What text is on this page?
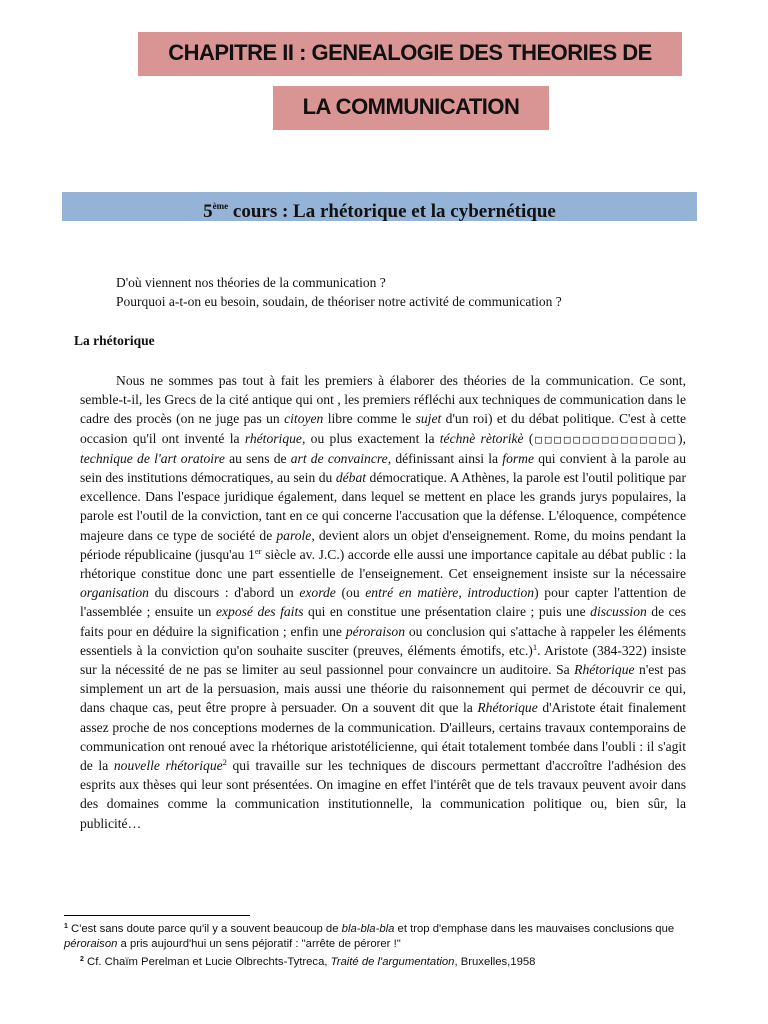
CHAPITRE II : GENEALOGIE DES THEORIES DE
LA COMMUNICATION
5ème cours : La rhétorique et la cybernétique
D'où viennent nos théories de la communication ?
Pourquoi a-t-on eu besoin, soudain, de théoriser notre activité de communication ?
La rhétorique

Nous ne sommes pas tout à fait les premiers à élaborer des théories de la communication. Ce sont, semble-t-il, les Grecs de la cité antique qui ont , les premiers réfléchi aux techniques de communication dans le cadre des procès (on ne juge pas un citoyen libre comme le sujet d'un roi) et du débat politique. C'est à cette occasion qu'il ont inventé la rhétorique, ou plus exactement la téchnè rètorikè (□□□□□□□□□□□□□□□), technique de l'art oratoire au sens de art de convaincre, définissant ainsi la forme qui convient à la parole au sein des institutions démocratiques, au sein du débat démocratique. A Athènes, la parole est l'outil politique par excellence. Dans l'espace juridique également, dans lequel se mettent en place les grands jurys populaires, la parole est l'outil de la conviction, tant en ce qui concerne l'accusation que la défense. L'éloquence, compétence majeure dans ce type de société de parole, devient alors un objet d'enseignement. Rome, du moins pendant la période républicaine (jusqu'au 1er siècle av. J.C.) accorde elle aussi une importance capitale au débat public : la rhétorique constitue donc une part essentielle de l'enseignement. Cet enseignement insiste sur la nécessaire organisation du discours : d'abord un exorde (ou entré en matière, introduction) pour capter l'attention de l'assemblée ; ensuite un exposé des faits qui en constitue une présentation claire ; puis une discussion de ces faits pour en déduire la signification ; enfin une péroraison ou conclusion qui s'attache à rappeler les éléments essentiels à la conviction qu'on souhaite susciter (preuves, éléments émotifs, etc.)$^1$. Aristote (384-322) insiste sur la nécessité de ne pas se limiter au seul passionnel pour convaincre un auditoire. Sa Rhétorique n'est pas simplement un art de la persuasion, mais aussi une théorie du raisonnement qui permet de découvrir ce qui, dans chaque cas, peut être propre à persuader. On a souvent dit que la Rhétorique d'Aristote était finalement assez proche de nos conceptions modernes de la communication. D'ailleurs, certains travaux contemporains de communication ont renoué avec la rhétorique aristotélicienne, qui était totalement tombée dans l'oubli : il s'agit de la nouvelle rhétorique$^2$ qui travaille sur les techniques de discours permettant d'accroître l'adhésion des esprits aux thèses qui leur sont présentées. On imagine en effet l'intérêt que de tels travaux peuvent avoir dans des domaines comme la communication institutionnelle, la communication politique ou, bien sûr, la publicité…

$^1$ C'est sans doute parce qu'il y a souvent beaucoup de bla-bla-bla et trop d'emphase dans les mauvaises conclusions que péroraison a pris aujourd'hui un sens péjoratif : "arrête de pérorer !"
$^2$ Cf. Chaïm Perelman et Lucie Olbrechts-Tytreca, Traité de l'argumentation, Bruxelles,1958
